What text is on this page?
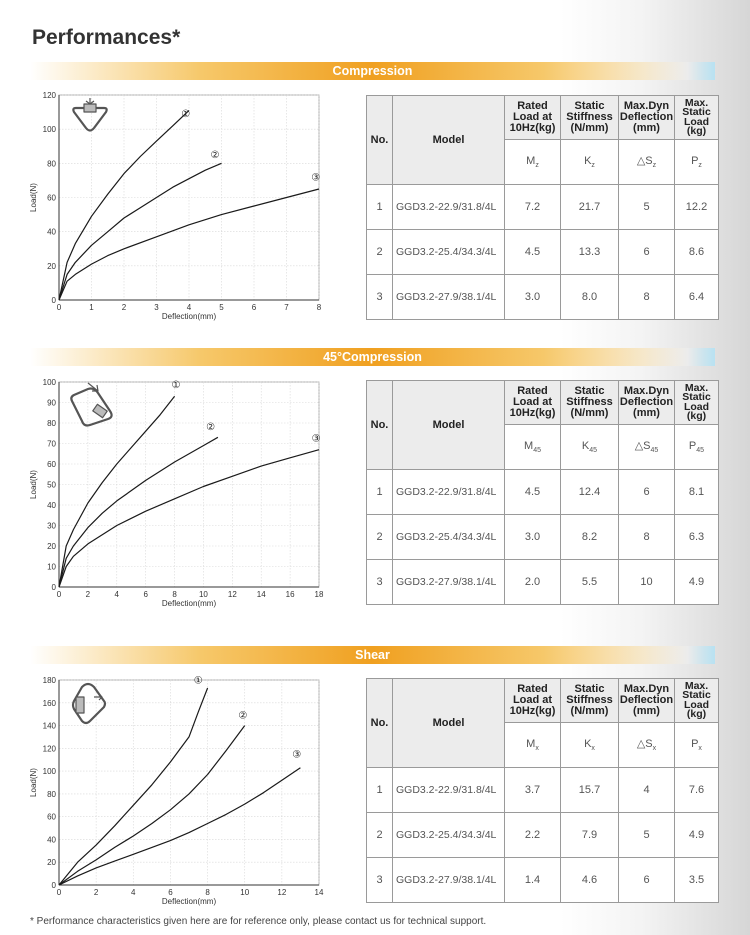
Performances*
Compression
0	1	2	3	4	5	6	7	8
0
20
40
60
80
100
120
Deflection(mm)
Load(N)
①
②
③
No.	Model	Rated
Load at
10Hz(kg)	Static
Stiffness
(N/mm)	Max.Dyn
Deflection
(mm)	Max.
Static
Load
(kg)
		$M_z$	$K_z$	$\triangle S_z$	$P_z$
1	GGD3.2-22.9/31.8/4L	7.2	21.7	5	12.2
2	GGD3.2-25.4/34.3/4L	4.5	13.3	6	8.6
3	GGD3.2-27.9/38.1/4L	3.0	8.0	8	6.4
45°Compression
0	2	4	6	8	10 12 14 16 18
0
10
20
30
40
50
60
70
80
90
100
Deflection(mm)
Load(N)
①
②
③
No.	Model	Rated
Load at
10Hz(kg)	Static
Stiffness
(N/mm)	Max.Dyn
Deflection
(mm)	Max.
Static
Load
(kg)
		$M_{45}$	$K_{45}$	$\triangle S_{45}$	$P_{45}$
1	GGD3.2-22.9/31.8/4L	4.5	12.4	6	8.1
2	GGD3.2-25.4/34.3/4L	3.0	8.2	8	6.3
3	GGD3.2-27.9/38.1/4L	2.0	5.5	10	4.9
Shear
0	2	4	6	8	10	12	14
0
20
40
60
80
100
120
140
160
180
Deflection(mm)
Load(N)
①
②
③
No.	Model	Rated
Load at
10Hz(kg)	Static
Stiffness
(N/mm)	Max.Dyn
Deflection
(mm)	Max.
Static
Load
(kg)
		$M_x$	$K_x$	$\triangle S_x$	$P_x$
1	GGD3.2-22.9/31.8/4L	3.7	15.7	4	7.6
2	GGD3.2-25.4/34.3/4L	2.2	7.9	5	4.9
3	GGD3.2-27.9/38.1/4L	1.4	4.6	6	3.5
* Performance characteristics given here are for reference only, please contact us for technical support.
